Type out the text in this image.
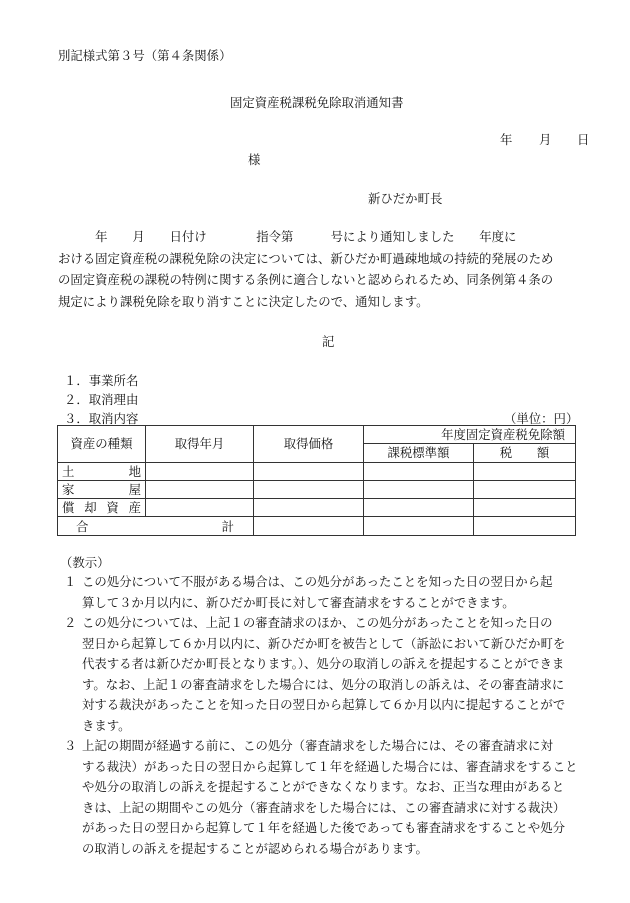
別記様式第３号（第４条関係）
固定資産税課税免除取消通知書
年 月 日
様
新ひだか町長
　　　年　　月　　日付け　　　　指令第　　　号により通知しました　　年度に
おける固定資産税の課税免除の決定については、新ひだか町過疎地域の持続的発展のため
の固定資産税の課税の特例に関する条例に適合しないと認められるため、同条例第４条の
規定により課税免除を取り消すことに決定したので、通知します。
記
１．事業所名
２．取消理由
３．取消内容	（単位：円）
資産の種類	取得年月	取得価格	年度固定資産税免除額	
			課税標準額	税　　額
土　　地				
家　　屋				
償却資産				

合　　　計				

（教示）
１ この処分について不服がある場合は、この処分があったことを知った日の翌日から起
算して３か月以内に、新ひだか町長に対して審査請求をすることができます。
２ この処分については、上記１の審査請求のほか、この処分があったことを知った日の
翌日から起算して６か月以内に、新ひだか町を被告として（訴訟において新ひだか町を
代表する者は新ひだか町長となります。）、処分の取消しの訴えを提起することができま
す。なお、上記１の審査請求をした場合には、処分の取消しの訴えは、その審査請求に
対する裁決があったことを知った日の翌日から起算して６か月以内に提起することがで
きます。
３ 上記の期間が経過する前に、この処分（審査請求をした場合には、その審査請求に対
する裁決）があった日の翌日から起算して１年を経過した場合には、審査請求をすること
や処分の取消しの訴えを提起することができなくなります。なお、正当な理由があると
きは、上記の期間やこの処分（審査請求をした場合には、この審査請求に対する裁決）
があった日の翌日から起算して１年を経過した後であっても審査請求をすることや処分
の取消しの訴えを提起することが認められる場合があります。
